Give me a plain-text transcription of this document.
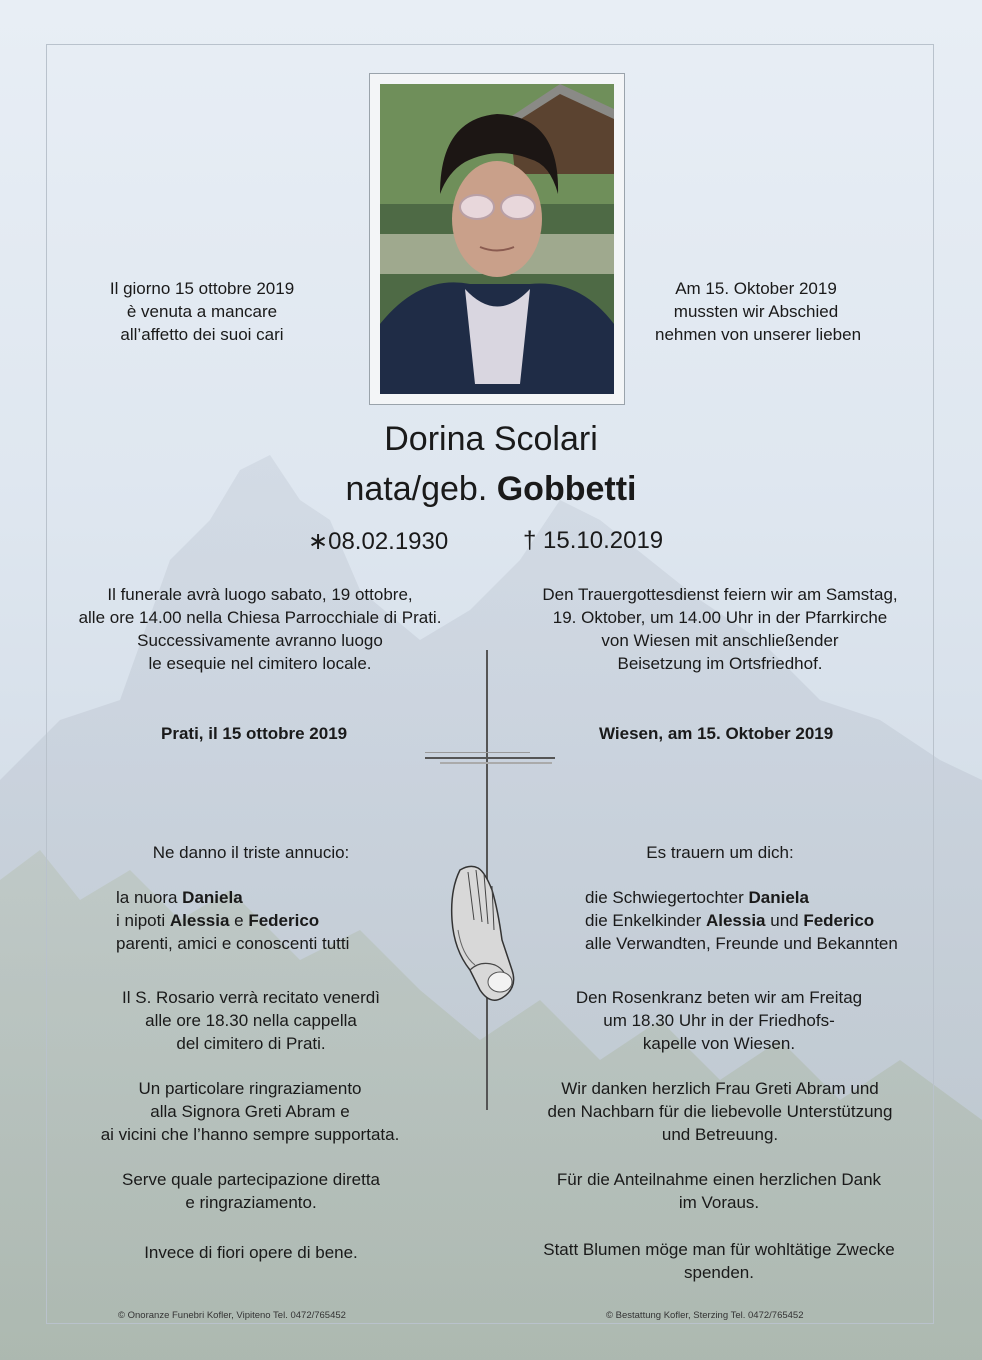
Il giorno 15 ottobre 2019
è venuta a mancare
all’affetto dei suoi cari
Am 15. Oktober 2019
mussten wir Abschied
nehmen von unserer lieben
Dorina Scolari
nata/geb. Gobbetti
∗08.02.1930	† 15.10.2019
Il funerale avrà luogo sabato, 19 ottobre,
alle ore 14.00 nella Chiesa Parrocchiale di Prati.
Successivamente avranno luogo
le esequie nel cimitero locale.
Den Trauergottesdienst feiern wir am Samstag,
19. Oktober, um 14.00 Uhr in der Pfarrkirche
von Wiesen mit anschließender
Beisetzung im Ortsfriedhof.
Prati, il 15 ottobre 2019	Wiesen, am 15. Oktober 2019
Ne danno il triste annucio:	Es trauern um dich:
la nuora Daniela
i nipoti Alessia e Federico
parenti, amici e conoscenti tutti
die Schwiegertochter Daniela
die Enkelkinder Alessia und Federico
alle Verwandten, Freunde und Bekannten
Il S. Rosario verrà recitato venerdì
alle ore 18.30 nella cappella
del cimitero di Prati.
Den Rosenkranz beten wir am Freitag
um 18.30 Uhr in der Friedhofs-
kapelle von Wiesen.
Un particolare ringraziamento
alla Signora Greti Abram e
ai vicini che l’hanno sempre supportata.
Wir danken herzlich Frau Greti Abram und
den Nachbarn für die liebevolle Unterstützung
und Betreuung.
Serve quale partecipazione diretta
e ringraziamento.
Für die Anteilnahme einen herzlichen Dank
im Voraus.
Invece di fiori opere di bene.	Statt Blumen möge man für wohltätige Zwecke
spenden.
© Onoranze Funebri Kofler, Vipiteno Tel. 0472/765452	© Bestattung Kofler, Sterzing Tel. 0472/765452
